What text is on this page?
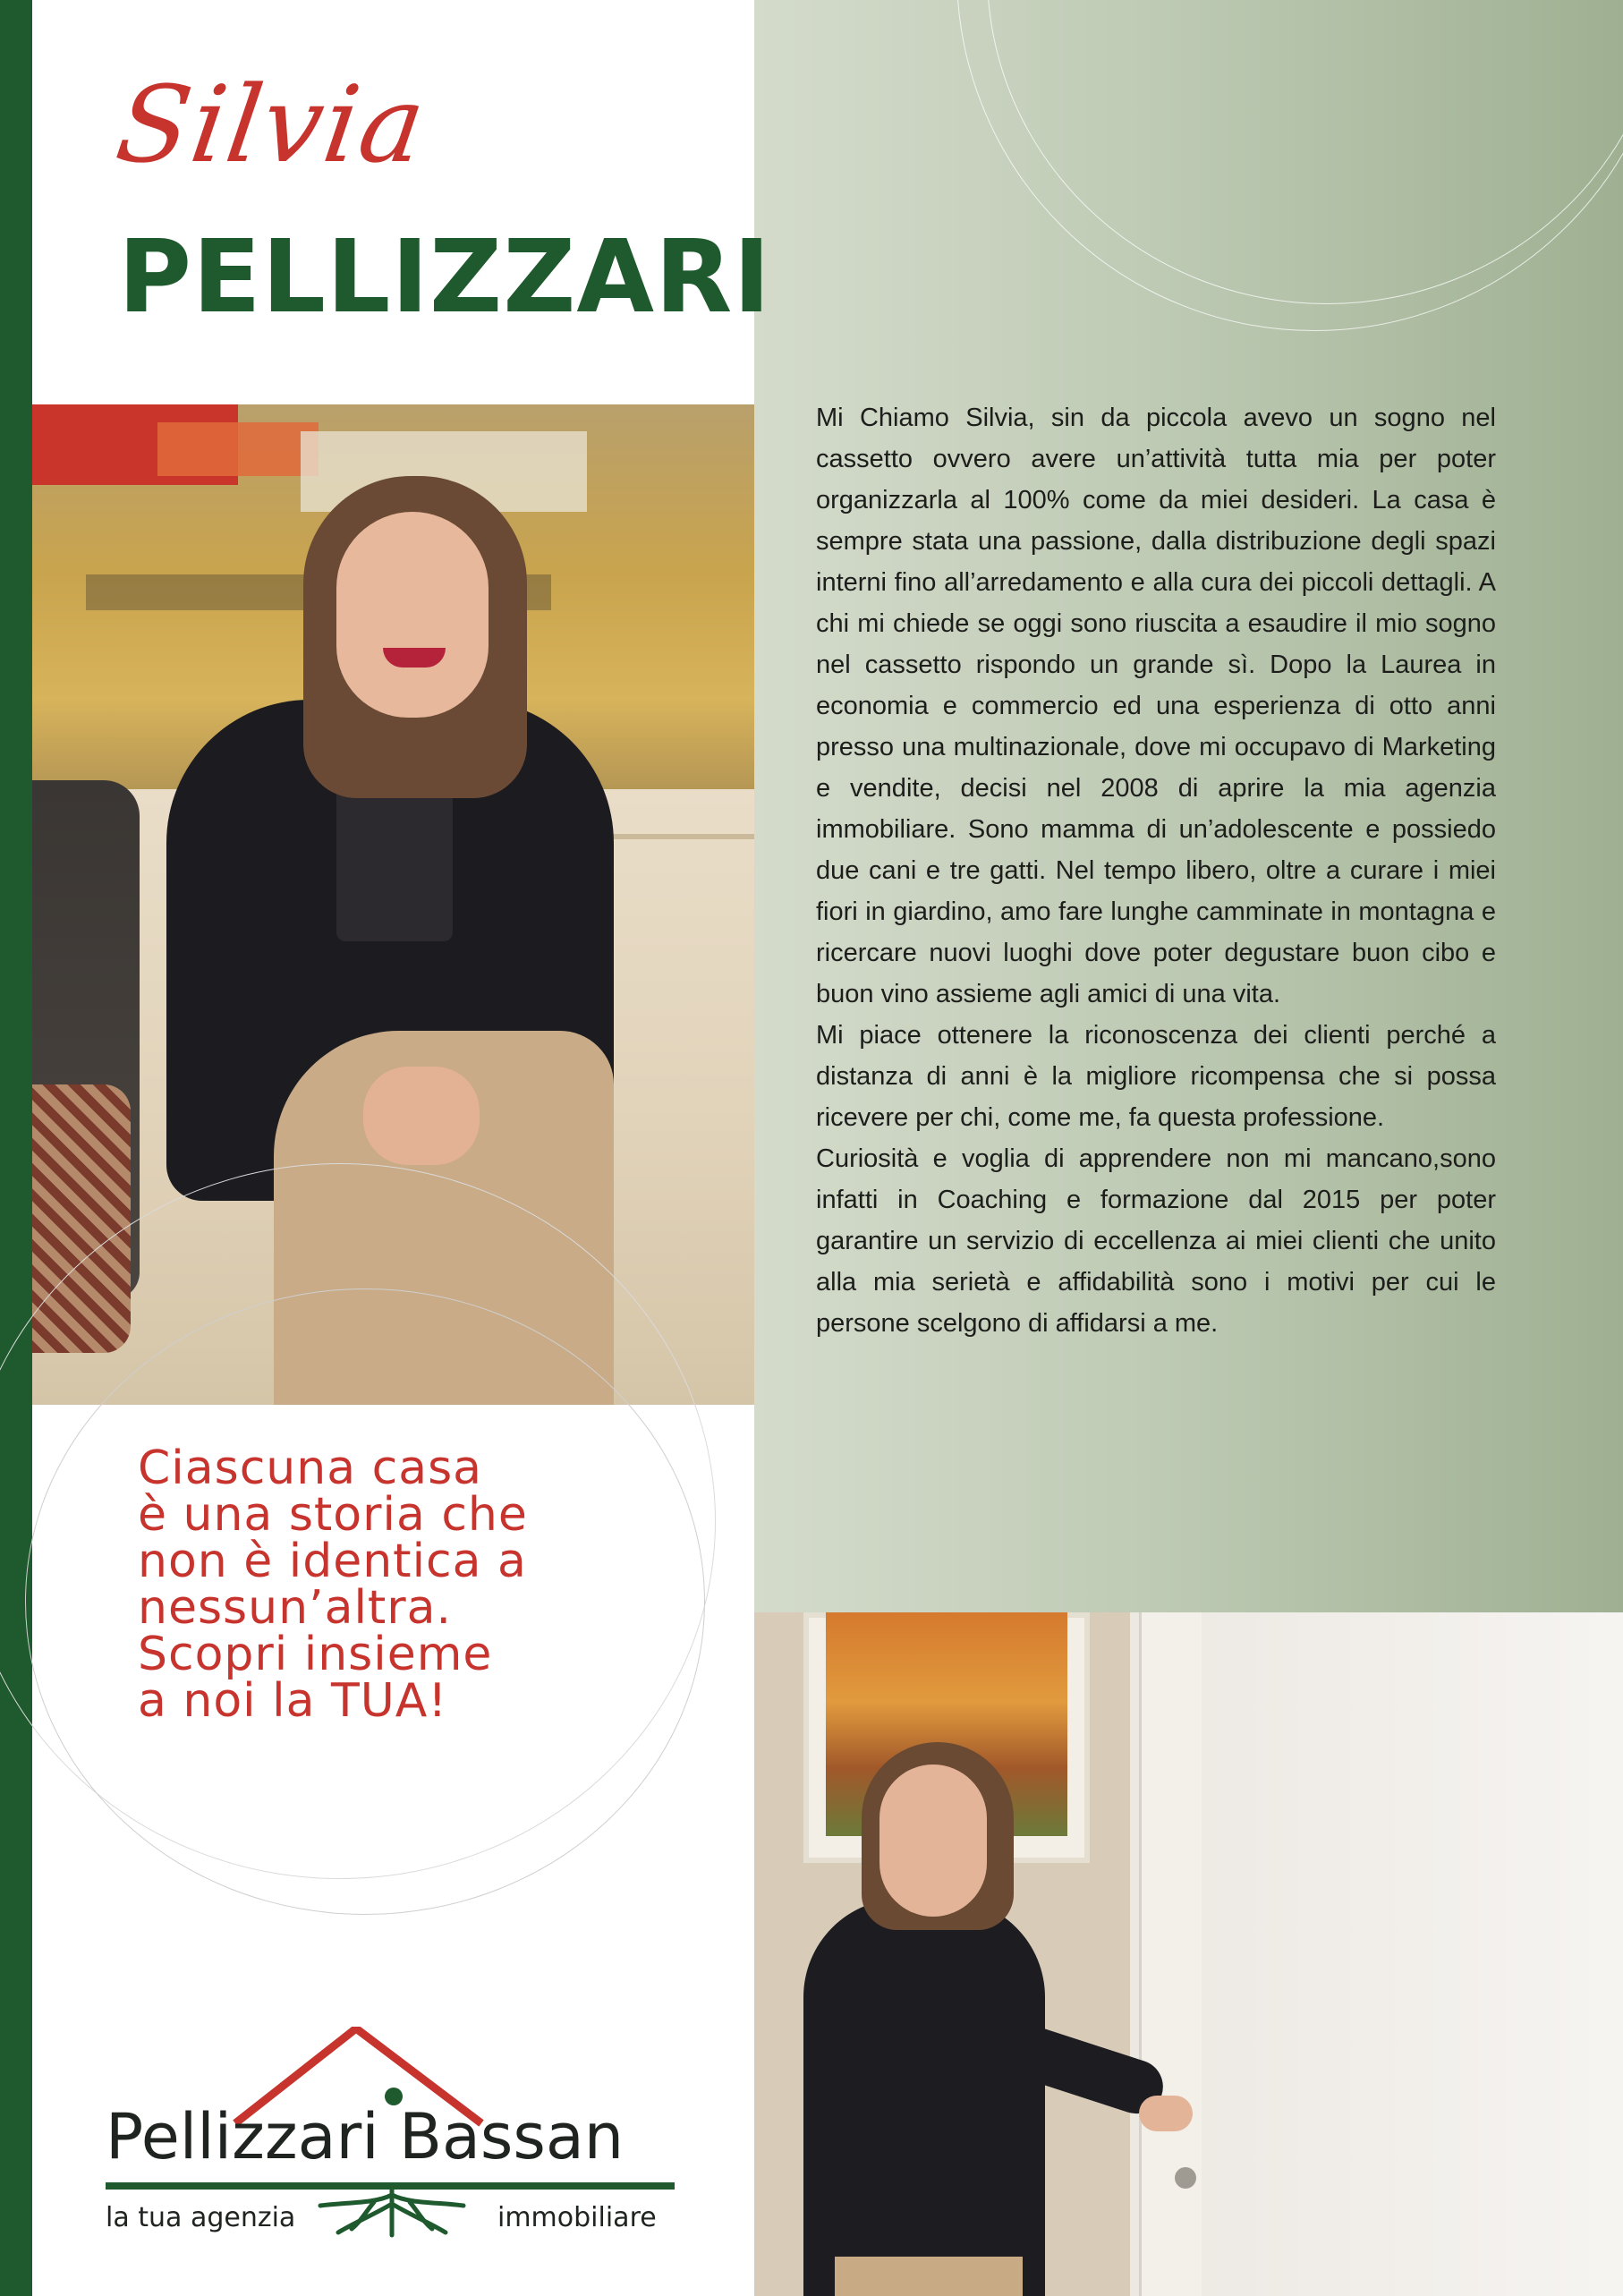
Silvia
PELLIZZARI

Mi Chiamo Silvia, sin da piccola avevo un sogno nel cassetto ovvero avere un’attività tutta mia per poter organizzarla al 100% come da miei desideri. La casa è sempre stata una passione, dalla distribuzione degli spazi interni fino all’arredamento e alla cura dei piccoli dettagli. A chi mi chiede se oggi sono riuscita a esaudire il mio sogno nel cassetto rispondo un grande sì. Dopo la Laurea in economia e commercio ed una esperienza di otto anni presso una multinazionale, dove mi occupavo di Marketing e vendite, decisi nel 2008 di aprire la mia agenzia immobiliare. Sono mamma di un’adolescente e possiedo due cani e tre gatti. Nel tempo libero, oltre a curare i miei fiori in giardino, amo fare lunghe camminate in montagna e ricercare nuovi luoghi dove poter degustare buon cibo e buon vino assieme agli amici di una vita.

Mi piace ottenere la riconoscenza dei clienti perché a distanza di anni è la migliore ricompensa che si possa ricevere per chi, come me, fa questa professione.

Curiosità e voglia di apprendere non mi mancano,sono infatti in Coaching e formazione dal 2015 per poter garantire un servizio di eccellenza ai miei clienti che unito alla mia serietà e affidabilità sono i motivi per cui le persone scelgono di affidarsi a me.

Ciascuna casa
è una storia che
non è identica a
nessun’altra.
Scopri insieme
a noi la TUA!
Pellizzari Bassan
la tua agenzia	immobiliare
